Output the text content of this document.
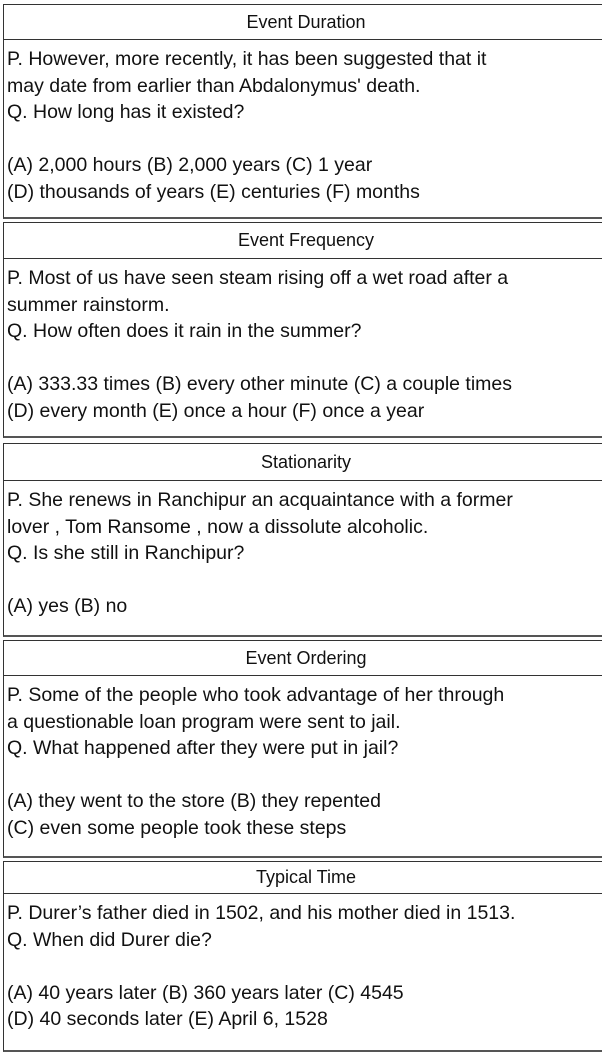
Event Duration
P. However, more recently, it has been suggested that it
may date from earlier than Abdalonymus' death.
Q. How long has it existed?
(A) 2,000 hours (B) 2,000 years (C) 1 year
(D) thousands of years (E) centuries (F) months
Event Frequency
P. Most of us have seen steam rising off a wet road after a
summer rainstorm.
Q. How often does it rain in the summer?
(A) 333.33 times (B) every other minute (C) a couple times
(D) every month (E) once a hour (F) once a year
Stationarity
P. She renews in Ranchipur an acquaintance with a former
lover , Tom Ransome , now a dissolute alcoholic.
Q. Is she still in Ranchipur?
(A) yes (B) no
Event Ordering
P. Some of the people who took advantage of her through
a questionable loan program were sent to jail.
Q. What happened after they were put in jail?
(A) they went to the store (B) they repented
(C) even some people took these steps
Typical Time
P. Durer’s father died in 1502, and his mother died in 1513.
Q. When did Durer die?
(A) 40 years later (B) 360 years later (C) 4545
(D) 40 seconds later (E) April 6, 1528
